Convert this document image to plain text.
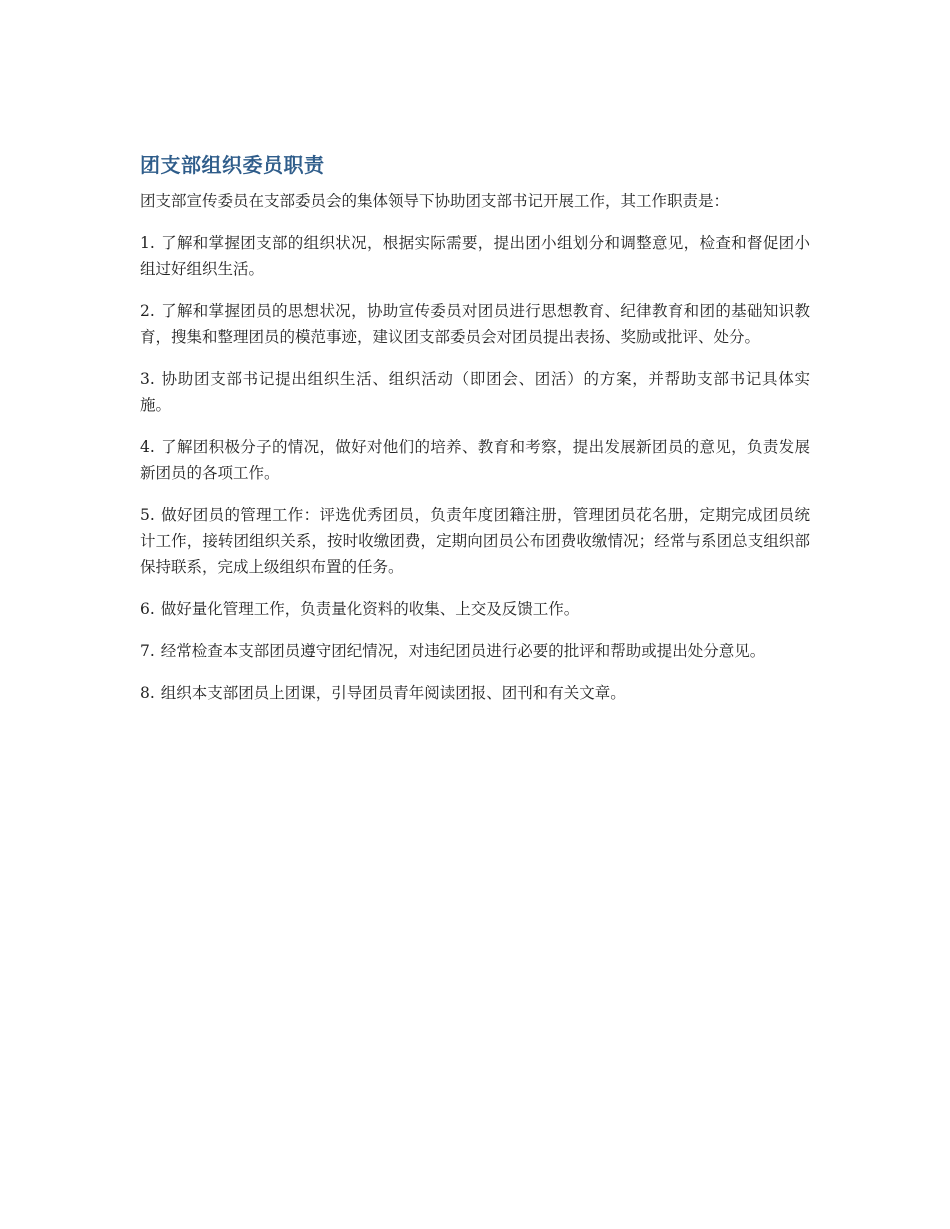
团支部组织委员职责

团支部宣传委员在支部委员会的集体领导下协助团支部书记开展工作，其工作职责是：

1. 了解和掌握团支部的组织状况，根据实际需要，提出团小组划分和调整意见，检查和督促团小组过好组织生活。

2. 了解和掌握团员的思想状况，协助宣传委员对团员进行思想教育、纪律教育和团的基础知识教育，搜集和整理团员的模范事迹，建议团支部委员会对团员提出表扬、奖励或批评、处分。

3. 协助团支部书记提出组织生活、组织活动（即团会、团活）的方案，并帮助支部书记具体实施。

4. 了解团积极分子的情况，做好对他们的培养、教育和考察，提出发展新团员的意见，负责发展新团员的各项工作。

5. 做好团员的管理工作：评选优秀团员，负责年度团籍注册，管理团员花名册，定期完成团员统计工作，接转团组织关系，按时收缴团费，定期向团员公布团费收缴情况；经常与系团总支组织部保持联系，完成上级组织布置的任务。

6. 做好量化管理工作，负责量化资料的收集、上交及反馈工作。

7. 经常检查本支部团员遵守团纪情况，对违纪团员进行必要的批评和帮助或提出处分意见。

8. 组织本支部团员上团课，引导团员青年阅读团报、团刊和有关文章。
